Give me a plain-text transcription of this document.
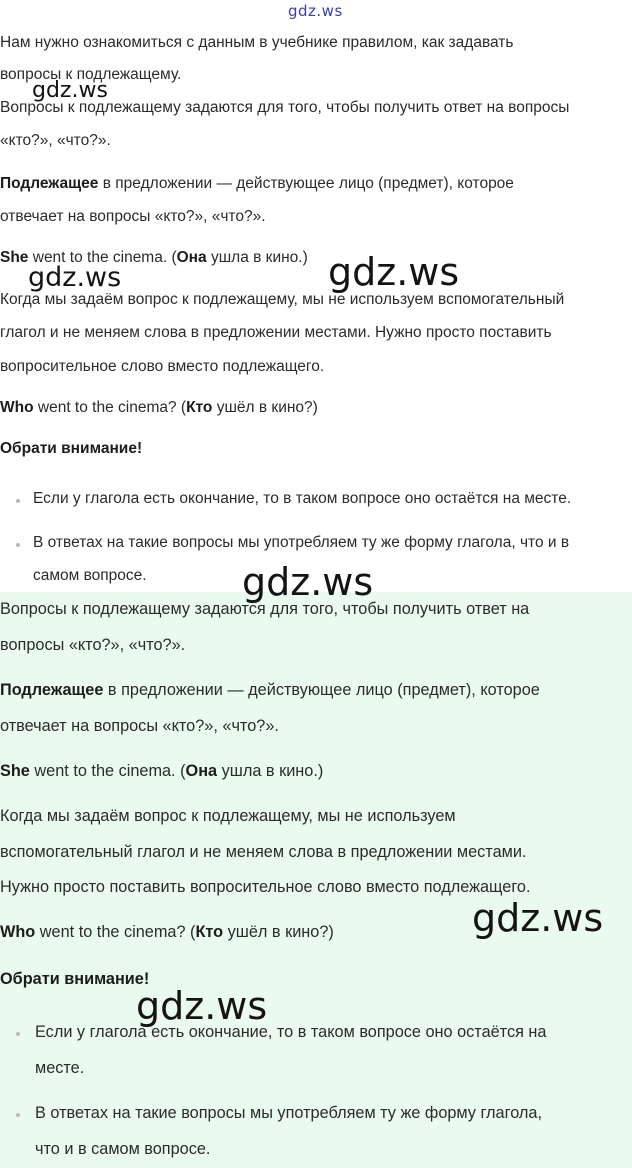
Нам нужно ознакомиться с данным в учебнике правилом, как задавать

вопросы к подлежащему.

Вопросы к подлежащему задаются для того, чтобы получить ответ на вопросы

«кто?», «что?».

Подлежащее в предложении — действующее лицо (предмет), которое

отвечает на вопросы «кто?», «что?».

She went to the cinema. (Она ушла в кино.)

Когда мы задаём вопрос к подлежащему, мы не используем вспомогательный

глагол и не меняем слова в предложении местами. Нужно просто поставить

вопросительное слово вместо подлежащего.

Who went to the cinema? (Кто ушёл в кино?)

Обрати внимание!

Если у глагола есть окончание, то в таком вопросе оно остаётся на месте.

В ответах на такие вопросы мы употребляем ту же форму глагола, что и в

самом вопросе.

Вопросы к подлежащему задаются для того, чтобы получить ответ на

вопросы «кто?», «что?».

Подлежащее в предложении — действующее лицо (предмет), которое

отвечает на вопросы «кто?», «что?».

She went to the cinema. (Она ушла в кино.)

Когда мы задаём вопрос к подлежащему, мы не используем

вспомогательный глагол и не меняем слова в предложении местами.

Нужно просто поставить вопросительное слово вместо подлежащего.

Who went to the cinema? (Кто ушёл в кино?)

Обрати внимание!

Если у глагола есть окончание, то в таком вопросе оно остаётся на

месте.

В ответах на такие вопросы мы употребляем ту же форму глагола,

что и в самом вопросе.

gdz.ws
gdz.ws
gdz.ws	gdz.ws
gdz.ws
gdz.ws
gdz.ws
